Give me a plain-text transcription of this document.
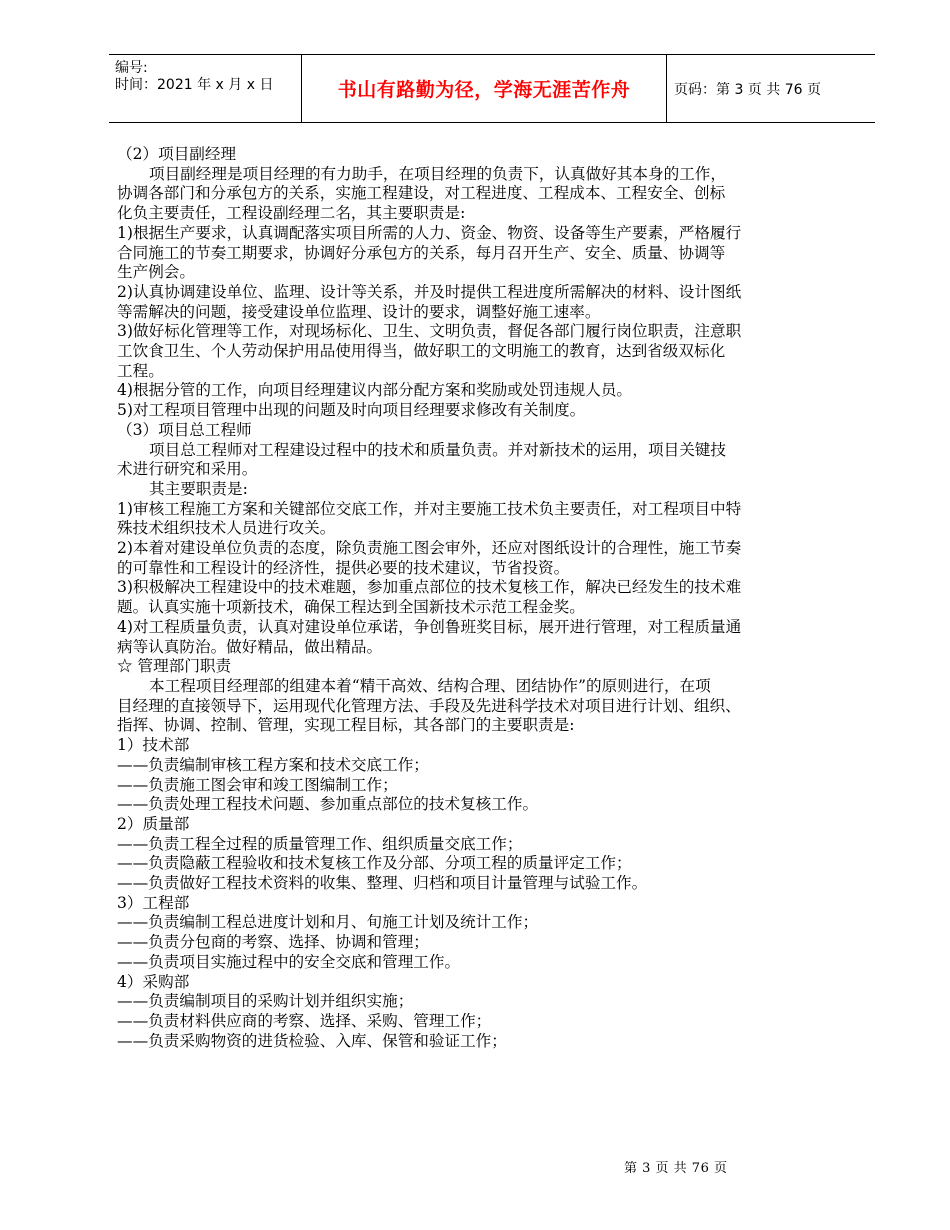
编号:
时间：2021 年 x 月 x 日	书山有路勤为径，学海无涯苦作舟	页码：第 3 页 共 76 页

（2）项目副经理

项目副经理是项目经理的有力助手，在项目经理的负责下，认真做好其本身的工作，

协调各部门和分承包方的关系，实施工程建设，对工程进度、工程成本、工程安全、创标

化负主要责任，工程设副经理二名，其主要职责是:

1)根据生产要求，认真调配落实项目所需的人力、资金、物资、设备等生产要素，严格履行

合同施工的节奏工期要求，协调好分承包方的关系，每月召开生产、安全、质量、协调等

生产例会。

2)认真协调建设单位、监理、设计等关系，并及时提供工程进度所需解决的材料、设计图纸

等需解决的问题，接受建设单位监理、设计的要求，调整好施工速率。

3)做好标化管理等工作，对现场标化、卫生、文明负责，督促各部门履行岗位职责，注意职

工饮食卫生、个人劳动保护用品使用得当，做好职工的文明施工的教育，达到省级双标化

工程。

4)根据分管的工作，向项目经理建议内部分配方案和奖励或处罚违规人员。

5)对工程项目管理中出现的问题及时向项目经理要求修改有关制度。

（3）项目总工程师

项目总工程师对工程建设过程中的技术和质量负责。并对新技术的运用，项目关键技

术进行研究和采用。

其主要职责是:

1)审核工程施工方案和关键部位交底工作，并对主要施工技术负主要责任，对工程项目中特

殊技术组织技术人员进行攻关。

2)本着对建设单位负责的态度，除负责施工图会审外，还应对图纸设计的合理性，施工节奏

的可靠性和工程设计的经济性，提供必要的技术建议，节省投资。

3)积极解决工程建设中的技术难题，参加重点部位的技术复核工作，解决已经发生的技术难

题。认真实施十项新技术，确保工程达到全国新技术示范工程金奖。

4)对工程质量负责，认真对建设单位承诺，争创鲁班奖目标，展开进行管理，对工程质量通

病等认真防治。做好精品，做出精品。

☆ 管理部门职责

本工程项目经理部的组建本着“精干高效、结构合理、团结协作”的原则进行，在项

目经理的直接领导下，运用现代化管理方法、手段及先进科学技术对项目进行计划、组织、

指挥、协调、控制、管理，实现工程目标，其各部门的主要职责是:

1）技术部

——负责编制审核工程方案和技术交底工作；

——负责施工图会审和竣工图编制工作；

——负责处理工程技术问题、参加重点部位的技术复核工作。

2）质量部

——负责工程全过程的质量管理工作、组织质量交底工作；

——负责隐蔽工程验收和技术复核工作及分部、分项工程的质量评定工作；

——负责做好工程技术资料的收集、整理、归档和项目计量管理与试验工作。

3）工程部

——负责编制工程总进度计划和月、旬施工计划及统计工作；

——负责分包商的考察、选择、协调和管理；

——负责项目实施过程中的安全交底和管理工作。

4）采购部

——负责编制项目的采购计划并组织实施；

——负责材料供应商的考察、选择、采购、管理工作；

——负责采购物资的进货检验、入库、保管和验证工作；

第 3 页 共 76 页
